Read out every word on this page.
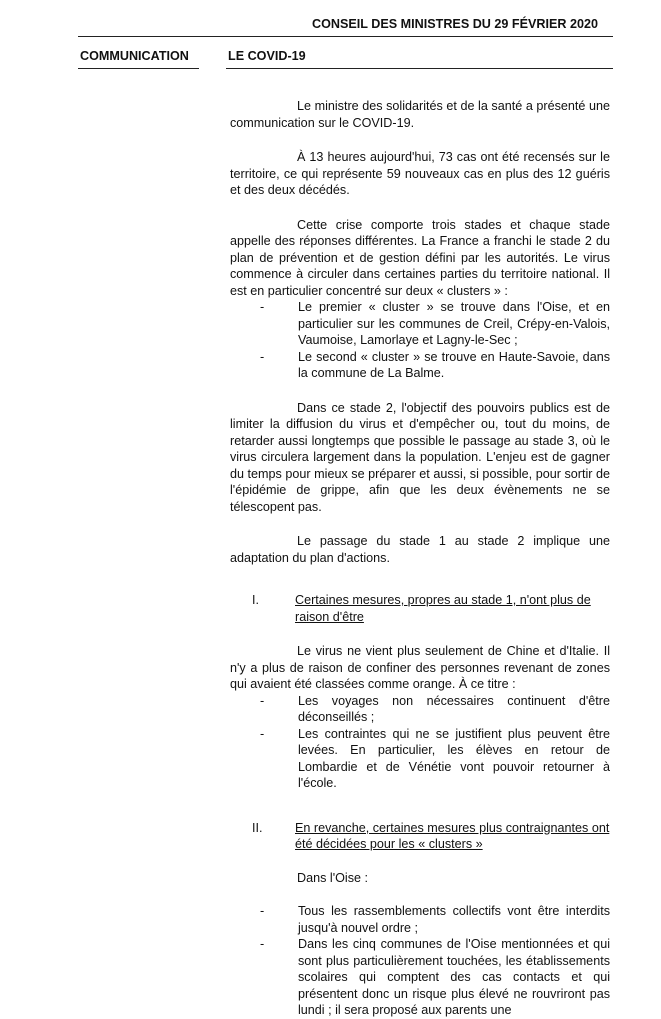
CONSEIL DES MINISTRES DU 29 FÉVRIER 2020
COMMUNICATION	LE COVID-19

Le ministre des solidarités et de la santé a présenté une communication sur le COVID-19.

À 13 heures aujourd'hui, 73 cas ont été recensés sur le territoire, ce qui représente 59 nouveaux cas en plus des 12 guéris et des deux décédés.

Cette crise comporte trois stades et chaque stade appelle des réponses différentes. La France a franchi le stade 2 du plan de prévention et de gestion défini par les autorités. Le virus commence à circuler dans certaines parties du territoire national. Il est en particulier concentré sur deux « clusters » :

-	Le premier « cluster » se trouve dans l'Oise, et en particulier sur les communes de Creil, Crépy-en-Valois, Vaumoise, Lamorlaye et Lagny-le-Sec ;
-	Le second « cluster » se trouve en Haute-Savoie, dans la commune de La Balme.

Dans ce stade 2, l'objectif des pouvoirs publics est de limiter la diffusion du virus et d'empêcher ou, tout du moins, de retarder aussi longtemps que possible le passage au stade 3, où le virus circulera largement dans la population. L'enjeu est de gagner du temps pour mieux se préparer et aussi, si possible, pour sortir de l'épidémie de grippe, afin que les deux évènements ne se télescopent pas.

Le passage du stade 1 au stade 2 implique une adaptation du plan d'actions.

I.	Certaines mesures, propres au stade 1, n'ont plus de raison d'être

Le virus ne vient plus seulement de Chine et d'Italie. Il n'y a plus de raison de confiner des personnes revenant de zones qui avaient été classées comme orange. À ce titre :

-	Les voyages non nécessaires continuent d'être déconseillés ;
-	Les contraintes qui ne se justifient plus peuvent être levées. En particulier, les élèves en retour de Lombardie et de Vénétie vont pouvoir retourner à l'école.
II.	En revanche, certaines mesures plus contraignantes ont été décidées pour les « clusters »

Dans l'Oise :

-	Tous les rassemblements collectifs vont être interdits jusqu'à nouvel ordre ;
-	Dans les cinq communes de l'Oise mentionnées et qui sont plus particulièrement touchées, les établissements scolaires qui comptent des cas contacts et qui présentent donc un risque plus élevé ne rouvriront pas lundi ; il sera proposé aux parents une
